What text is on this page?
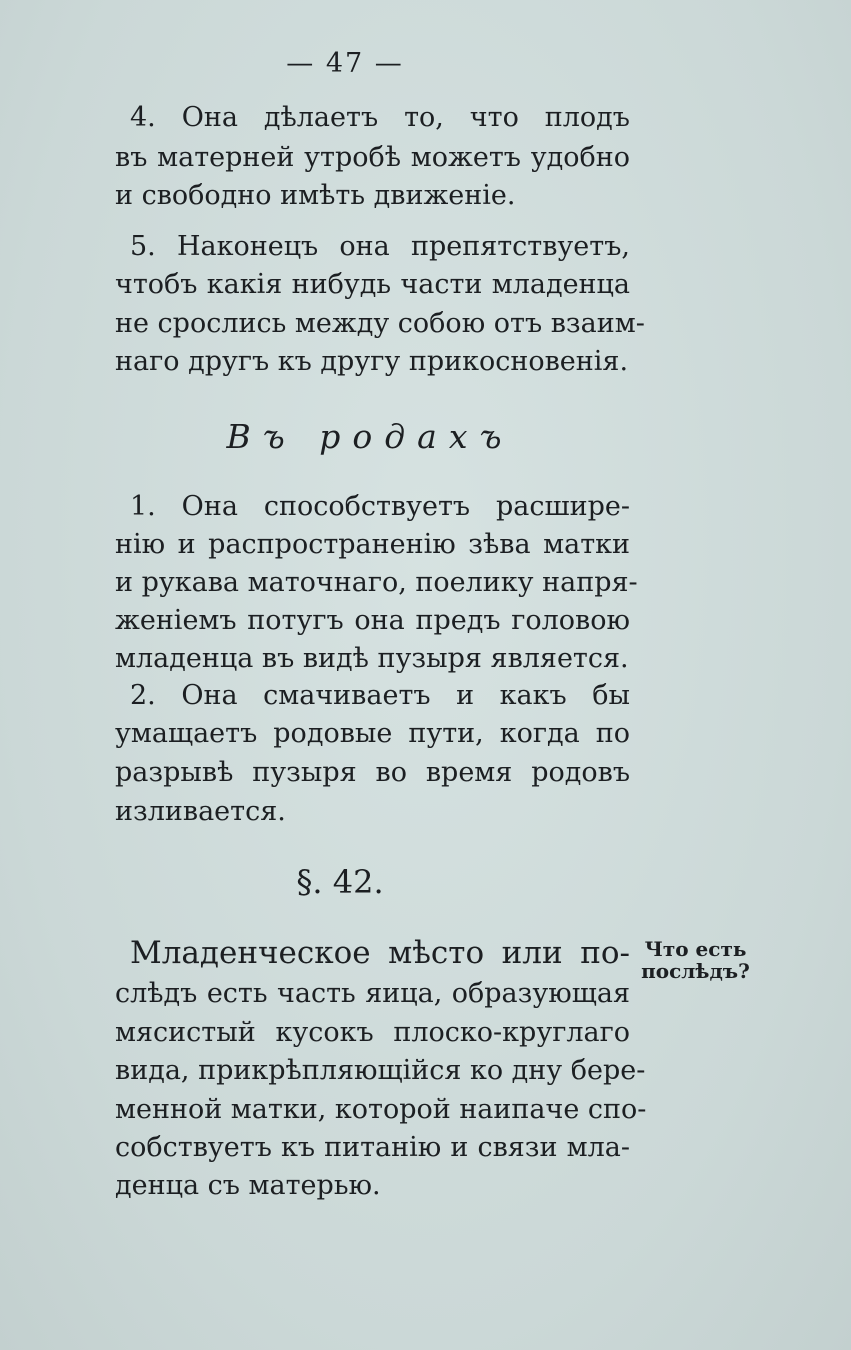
— 47 —
4. Она дѣлаетъ то, что плодъ
въ матерней утробѣ можетъ удобно
и свободно имѣть движеніе.
5. Наконецъ она препятствуетъ,
чтобъ какія нибудь части младенца
не срослись между собою отъ взаим-
наго другъ къ другу прикосновенія.
Въ родахъ
1. Она способствуетъ расшире-
нію и распространенію зѣва матки
и рукава маточнаго, поелику напря-
женіемъ потугъ она предъ головою
младенца въ видѣ пузыря является.
2. Она смачиваетъ и какъ бы
умащаетъ родовые пути, когда по
разрывѣ пузыря во время родовъ
изливается.
§. 42.
Младенческое мѣсто или по-
слѣдъ есть часть яица, образующая
мясистый кусокъ плоско-круглаго
вида, прикрѣпляющійся ко дну бере-
менной матки, которой наипаче спо-
собствуетъ къ питанію и связи мла-
денца съ матерью.
Что есть
послѣдъ?
